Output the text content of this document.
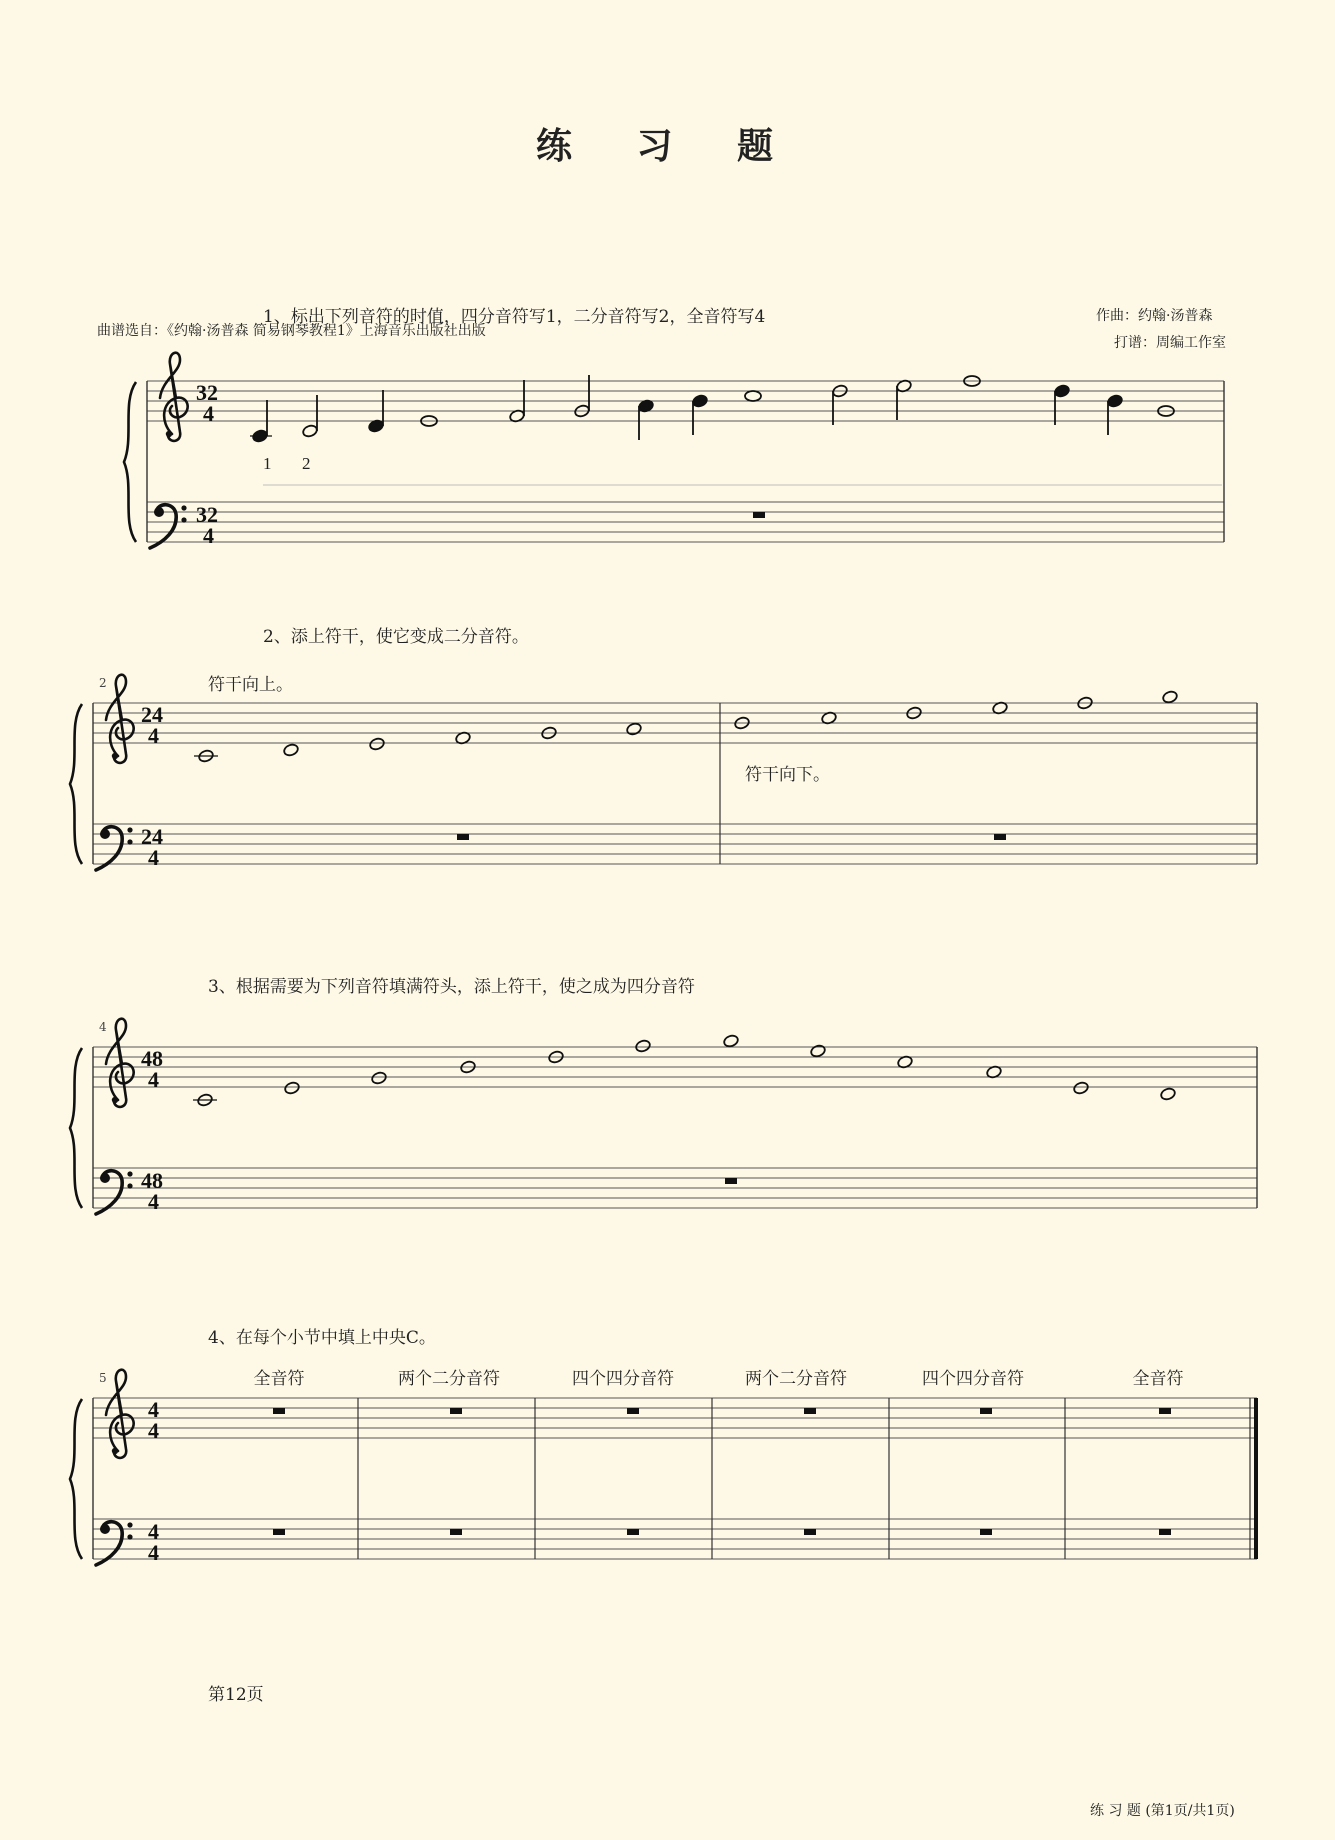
练 习 题
1、标出下列音符的时值，四分音符写1，二分音符写2，全音符写4
曲谱选自：《约翰·汤普森 简易钢琴教程1》上海音乐出版社出版
作曲：约翰·汤普森
打谱：周编工作室
2、添上符干，使它变成二分音符。
符干向上。
符干向下。
2
3、根据需要为下列音符填满符头，添上符干，使之成为四分音符
4
4、在每个小节中填上中央C。
5
第12页
练 习 题 (第1页/共1页)
32
4
32
4
1 2
24
4
24
4
48
4
48
4
4
4
4
4
全音符	两个二分音符	四个四分音符	两个二分音符	四个四分音符	全音符
